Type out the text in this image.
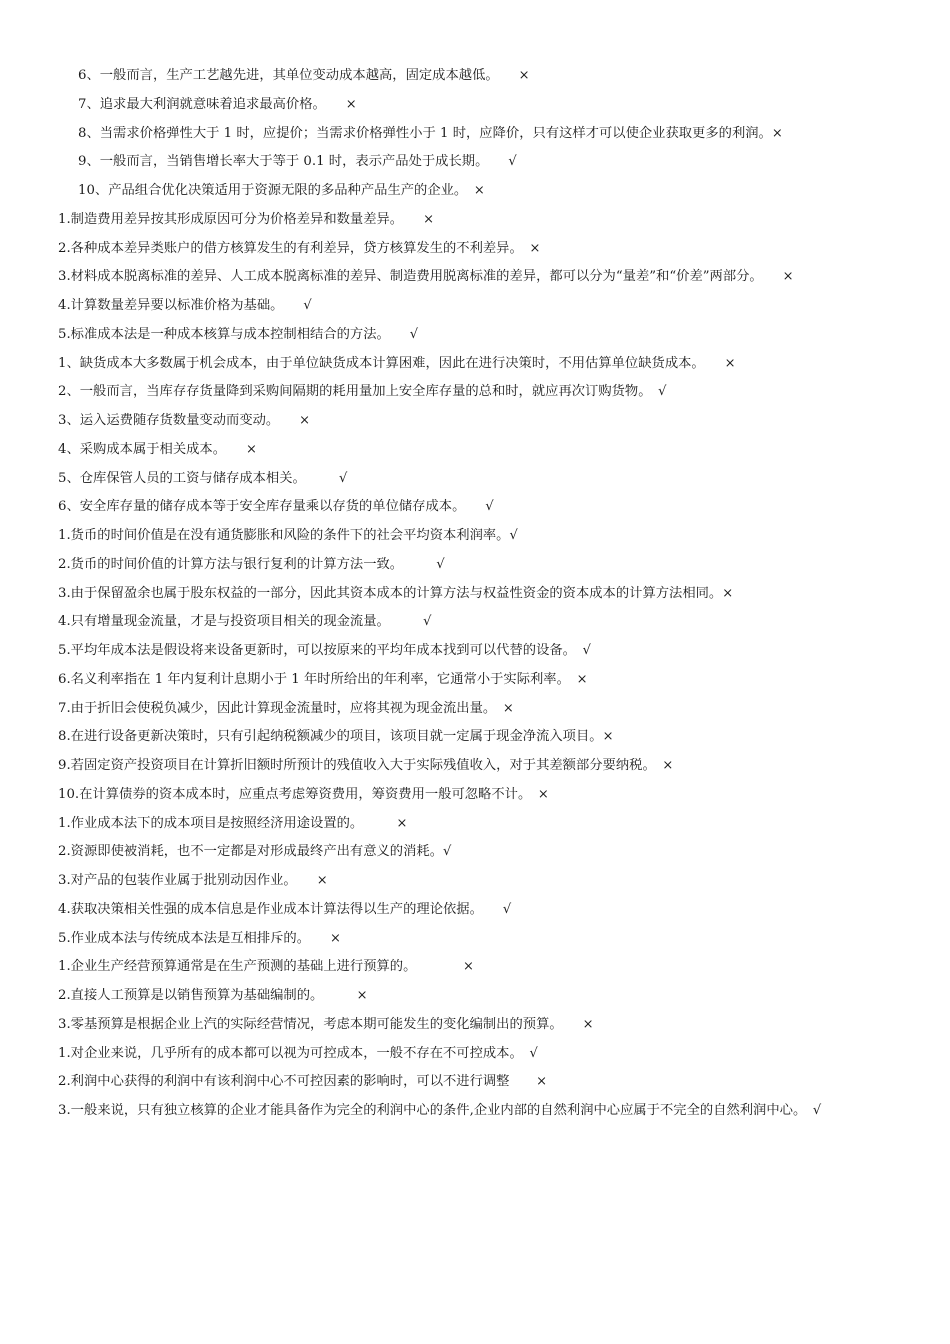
6、一般而言，生产工艺越先进，其单位变动成本越高，固定成本越低。　　 ×
7、追求最大利润就意味着追求最高价格。　　 ×
8、当需求价格弹性大于 1 时，应提价；当需求价格弹性小于 1 时，应降价，只有这样才可以使企业获取更多的利润。×
9、一般而言，当销售增长率大于等于 0.1 时，表示产品处于成长期。　　 √
10、产品组合优化决策适用于资源无限的多品种产品生产的企业。　 ×
1.制造费用差异按其形成原因可分为价格差异和数量差异。　　 ×
2.各种成本差异类账户的借方核算发生的有利差异，贷方核算发生的不利差异。　 ×
3.材料成本脱离标准的差异、人工成本脱离标准的差异、制造费用脱离标准的差异，都可以分为“量差”和“价差”两部分。　　 ×
4.计算数量差异要以标准价格为基础。　　 √
5.标准成本法是一种成本核算与成本控制相结合的方法。　　 √
1、缺货成本大多数属于机会成本，由于单位缺货成本计算困难，因此在进行决策时，不用估算单位缺货成本。　　 ×
2、一般而言，当库存存货量降到采购间隔期的耗用量加上安全库存量的总和时，就应再次订购货物。　 √
3、运入运费随存货数量变动而变动。　　 ×
4、采购成本属于相关成本。　　 ×
5、仓库保管人员的工资与储存成本相关。　　　	√
6、安全库存量的储存成本等于安全库存量乘以存货的单位储存成本。　　 √
1.货币的时间价值是在没有通货膨胀和风险的条件下的社会平均资本利润率。√
2.货币的时间价值的计算方法与银行复利的计算方法一致。　　　	√
3.由于保留盈余也属于股东权益的一部分，因此其资本成本的计算方法与权益性资金的资本成本的计算方法相同。×
4.只有增量现金流量，才是与投资项目相关的现金流量。　　　	√
5.平均年成本法是假设将来设备更新时，可以按原来的平均年成本找到可以代替的设备。　 √
6.名义利率指在 1 年内复利计息期小于 1 年时所给出的年利率，它通常小于实际利率。　 ×
7.由于折旧会使税负减少，因此计算现金流量时，应将其视为现金流出量。　 ×
8.在进行设备更新决策时，只有引起纳税额减少的项目，该项目就一定属于现金净流入项目。×
9.若固定资产投资项目在计算折旧额时所预计的残值收入大于实际残值收入，对于其差额部分要纳税。　 ×
10.在计算债券的资本成本时，应重点考虑筹资费用，筹资费用一般可忽略不计。　 ×
1.作业成本法下的成本项目是按照经济用途设置的。　　　	×
2.资源即使被消耗，也不一定都是对形成最终产出有意义的消耗。√
3.对产品的包装作业属于批别动因作业。　　 ×
4.获取决策相关性强的成本信息是作业成本计算法得以生产的理论依据。　　 √
5.作业成本法与传统成本法是互相排斥的。　　 ×
1.企业生产经营预算通常是在生产预测的基础上进行预算的。　　　　	×
2.直接人工预算是以销售预算为基础编制的。　　　	×
3.零基预算是根据企业上汽的实际经营情况，考虑本期可能发生的变化编制出的预算。　　 ×
1.对企业来说，几乎所有的成本都可以视为可控成本，一般不存在不可控成本。　 √
2.利润中心获得的利润中有该利润中心不可控因素的影响时，可以不进行调整　　 ×
3.一般来说，只有独立核算的企业才能具备作为完全的利润中心的条件,企业内部的自然利润中心应属于不完全的自然利润中心。　 √
